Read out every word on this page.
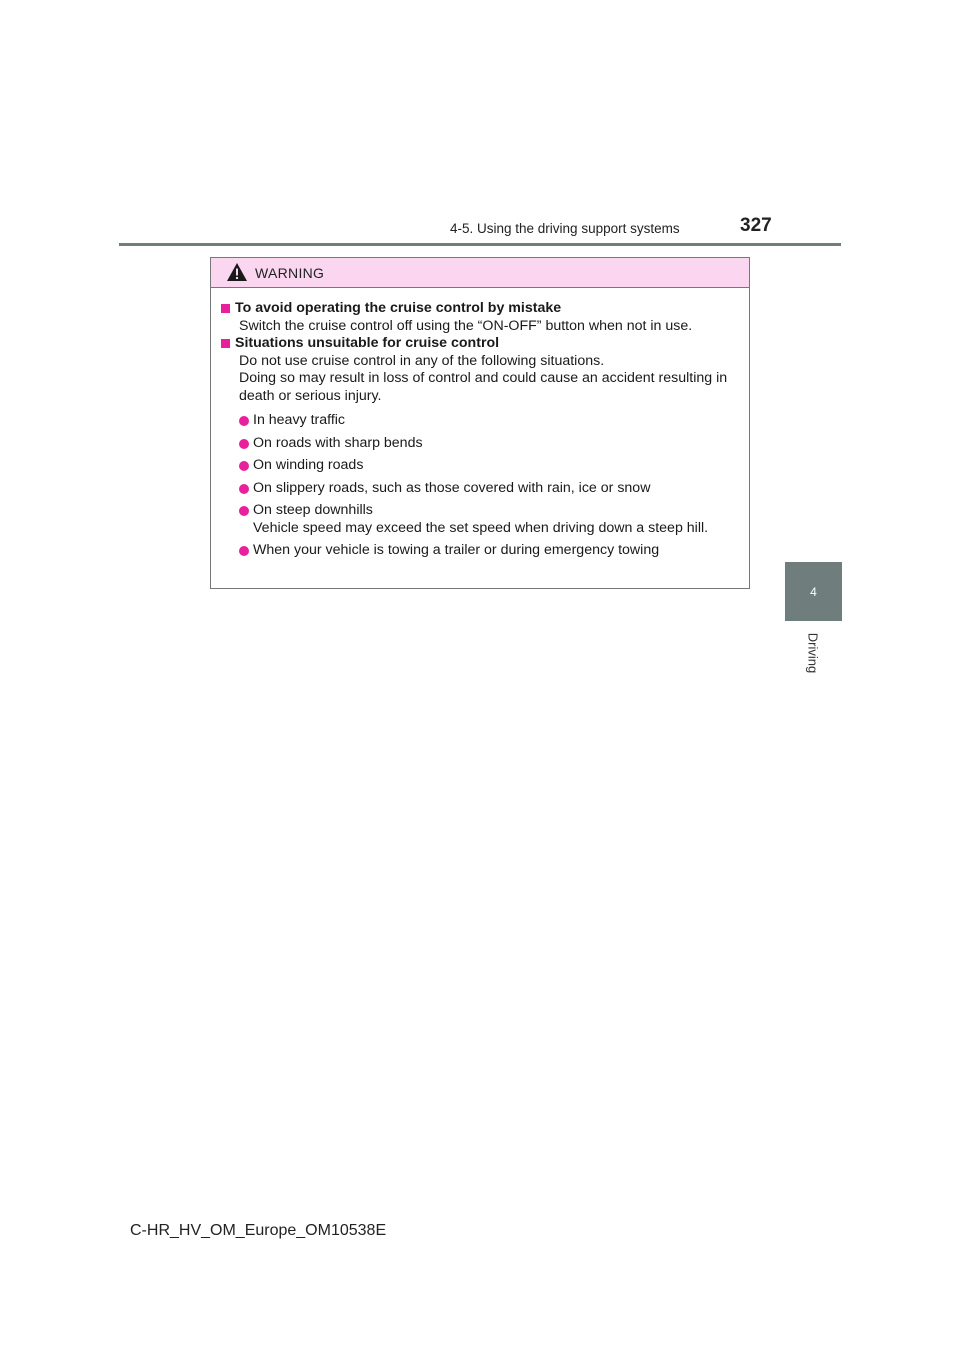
4-5. Using the driving support systems	327
4
Driving
WARNING
To avoid operating the cruise control by mistake
Switch the cruise control off using the “ON-OFF” button when not in use.
Situations unsuitable for cruise control
Do not use cruise control in any of the following situations.
Doing so may result in loss of control and could cause an accident resulting in death or serious injury.
In heavy traffic
On roads with sharp bends
On winding roads
On slippery roads, such as those covered with rain, ice or snow
On steep downhills
Vehicle speed may exceed the set speed when driving down a steep hill.
When your vehicle is towing a trailer or during emergency towing
C-HR_HV_OM_Europe_OM10538E
